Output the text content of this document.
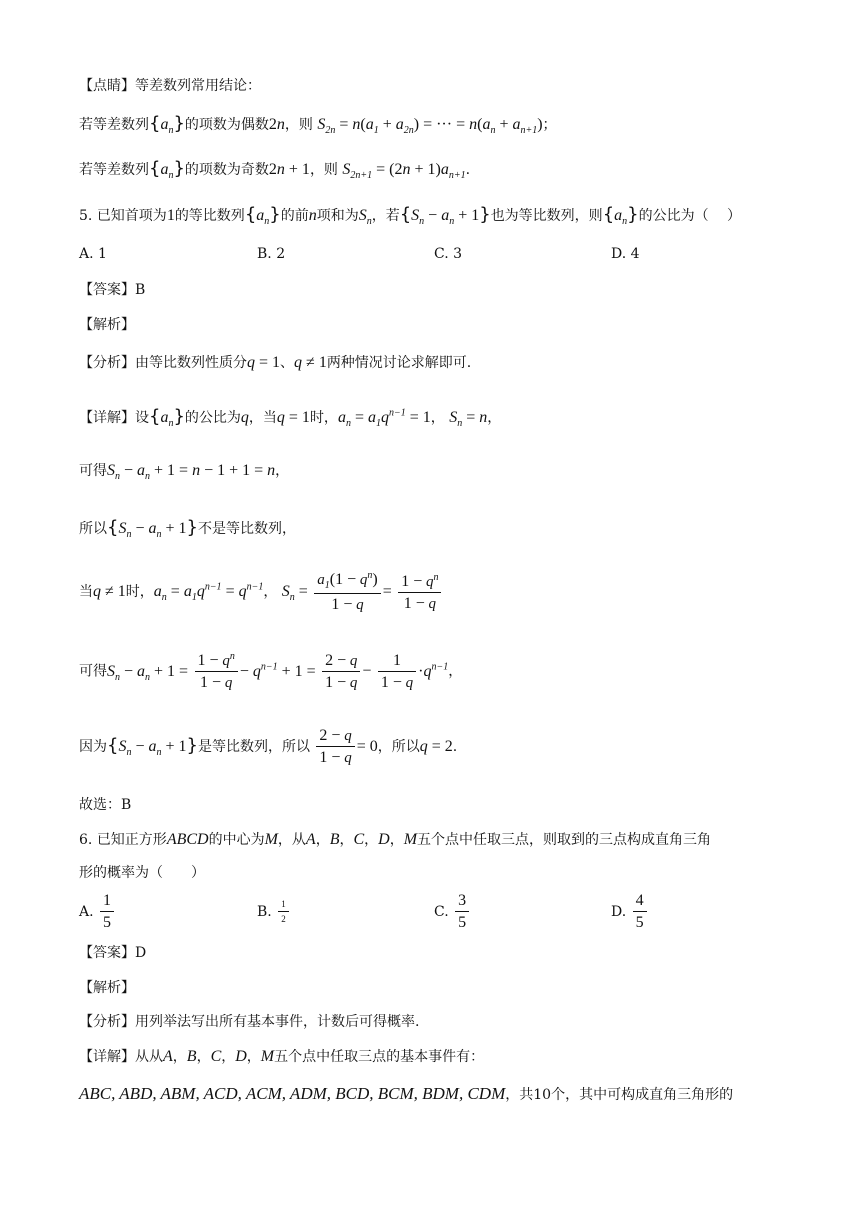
【点睛】等差数列常用结论：
若等差数列$\{a_n\}$的项数为偶数2n，则 $S_{2n} = n(a_1 + a_{2n})$ = ··· = $n(a_n + a_{n+1})$；
若等差数列$\{a_n\}$的项数为奇数2n + 1，则 $S_{2n+1} = (2n + 1)a_{n+1}$.
5. 已知首项为1的等比数列$\{a_n\}$的前n项和为$S_n$，若$\{S_n - a_n + 1\}$也为等比数列，则$\{a_n\}$的公比为（　 ）
A. 1	B. 2	C. 3	D. 4
【答案】B
【解析】
【分析】由等比数列性质分q = 1、q ≠ 1两种情况讨论求解即可.
【详解】设$\{a_n\}$的公比为q，当q = 1时，$a_n = a_1q^{n-1} = 1$， $S_n = n$，
可得$S_n - a_n + 1 = n - 1 + 1 = n$，
所以$\{S_n - a_n + 1\}$不是等比数列，
当q ≠ 1时，$a_n = a_1q^{n-1} = q^{n-1}$， $S_n = \frac{a_1(1 - q^n)}{1 - q} = \frac{1 - q^n}{1 - q}$
可得$S_n - a_n + 1 = \frac{1 - q^n}{1 - q} - q^{n-1} + 1 = \frac{2 - q}{1 - q} - \frac{1}{1 - q} \cdot q^{n-1}$，
因为$\{S_n - a_n + 1\}$是等比数列，所以 $\frac{2 - q}{1 - q} = 0$，所以q = 2.
故选：B
6. 已知正方形ABCD的中心为M，从A，B，C，D，M五个点中任取三点，则取到的三点构成直角三角
形的概率为（　　）
A. $\frac{1}{5}$	B. $\frac{1}{2}$	C. $\frac{3}{5}$	D. $\frac{4}{5}$
【答案】D
【解析】
【分析】用列举法写出所有基本事件，计数后可得概率.
【详解】从从A，B，C，D，M五个点中任取三点的基本事件有：
ABC, ABD, ABM, ACD, ACM, ADM, BCD, BCM, BDM, CDM，共10个，其中可构成直角三角形的
